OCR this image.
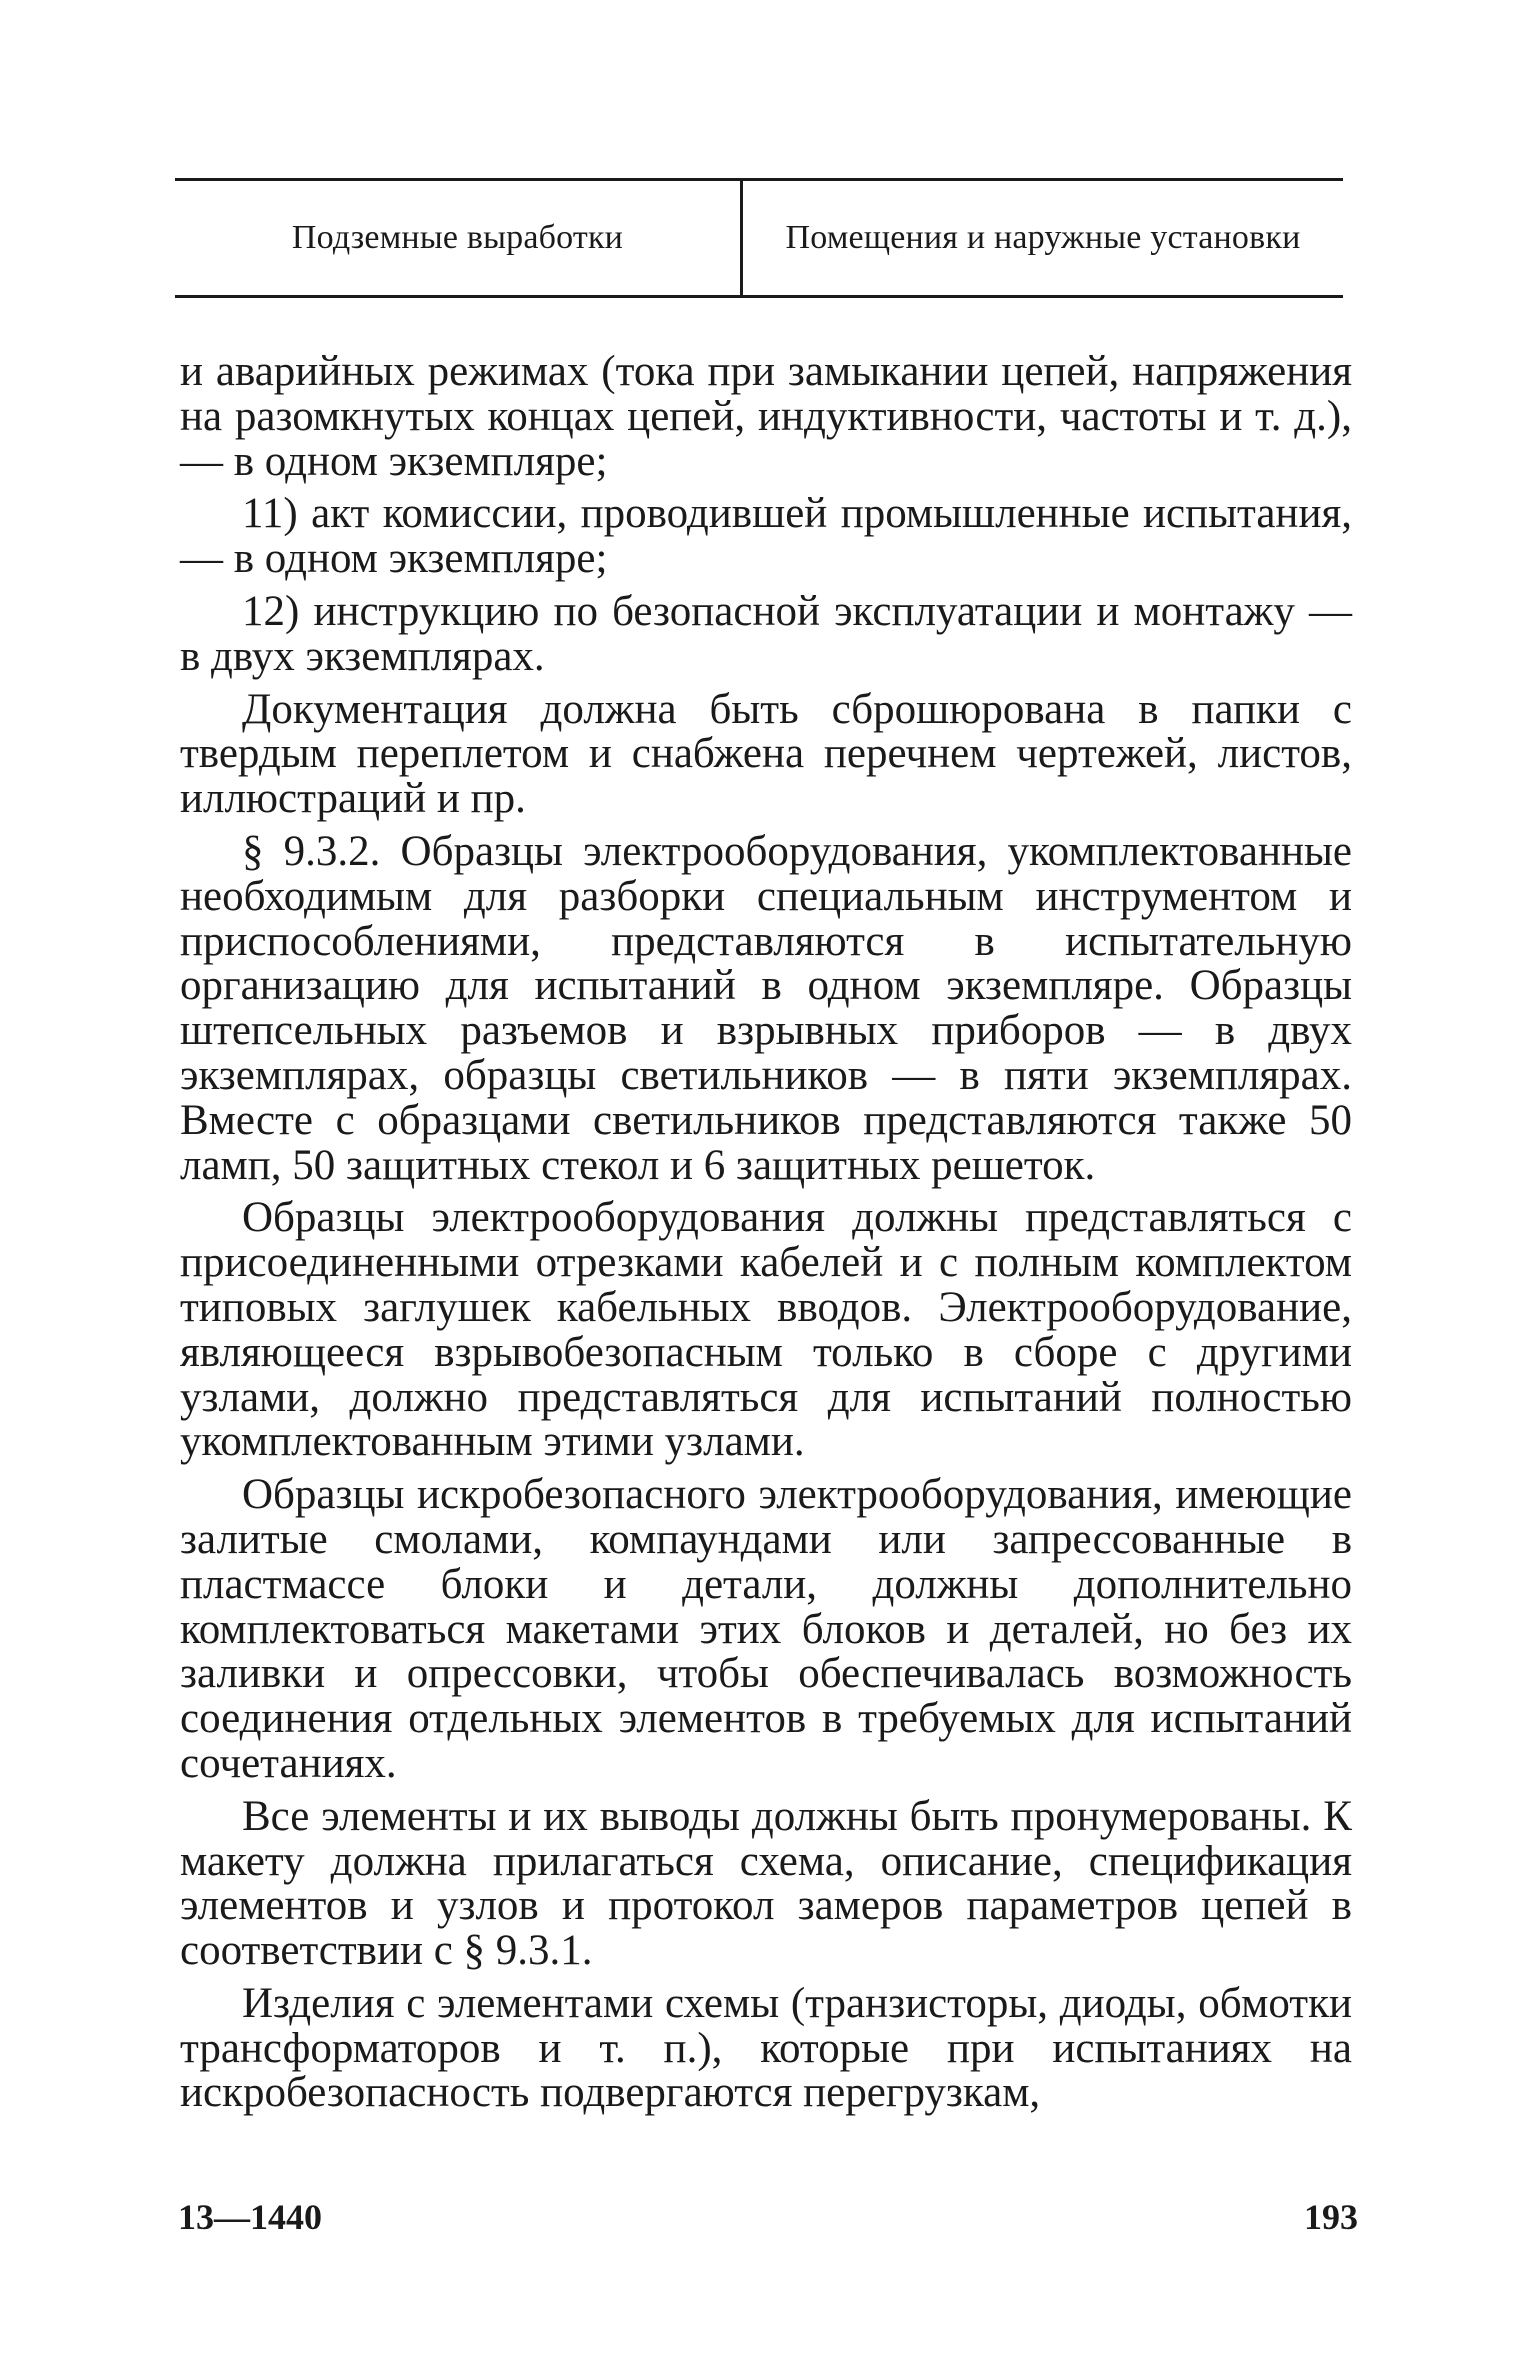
Подземные выработки	Помещения и наружные установки

и аварийных режимах (тока при замыкании цепей, напряжения на разомкнутых концах цепей, индуктивности, частоты и т. д.),— в одном экземпляре;

11) акт комиссии, проводившей промышленные испытания,— в одном экземпляре;

12) инструкцию по безопасной эксплуатации и монтажу — в двух экземплярах.

Документация должна быть сброшюрована в папки с твердым переплетом и снабжена перечнем чертежей, листов, иллюстраций и пр.

§ 9.3.2. Образцы электрооборудования, укомплектованные необходимым для разборки специальным инструментом и приспособлениями, представляются в испытательную организацию для испытаний в одном экземпляре. Образцы штепсельных разъемов и взрывных приборов — в двух экземплярах, образцы светильников — в пяти экземплярах. Вместе с образцами светильников представляются также 50 ламп, 50 защитных стекол и 6 защитных решеток.

Образцы электрооборудования должны представляться с присоединенными отрезками кабелей и с полным комплектом типовых заглушек кабельных вводов. Электрооборудование, являющееся взрывобезопасным только в сборе с другими узлами, должно представляться для испытаний полностью укомплектованным этими узлами.

Образцы искробезопасного электрооборудования, имеющие залитые смолами, компаундами или запрессованные в пластмассе блоки и детали, должны дополнительно комплектоваться макетами этих блоков и деталей, но без их заливки и опрессовки, чтобы обеспечивалась возможность соединения отдельных элементов в требуемых для испытаний сочетаниях.

Все элементы и их выводы должны быть пронумерованы. К макету должна прилагаться схема, описание, спецификация элементов и узлов и протокол замеров параметров цепей в соответствии с § 9.3.1.

Изделия с элементами схемы (транзисторы, диоды, обмотки трансформаторов и т. п.), которые при испытаниях на искробезопасность подвергаются перегрузкам,

13—1440	193
